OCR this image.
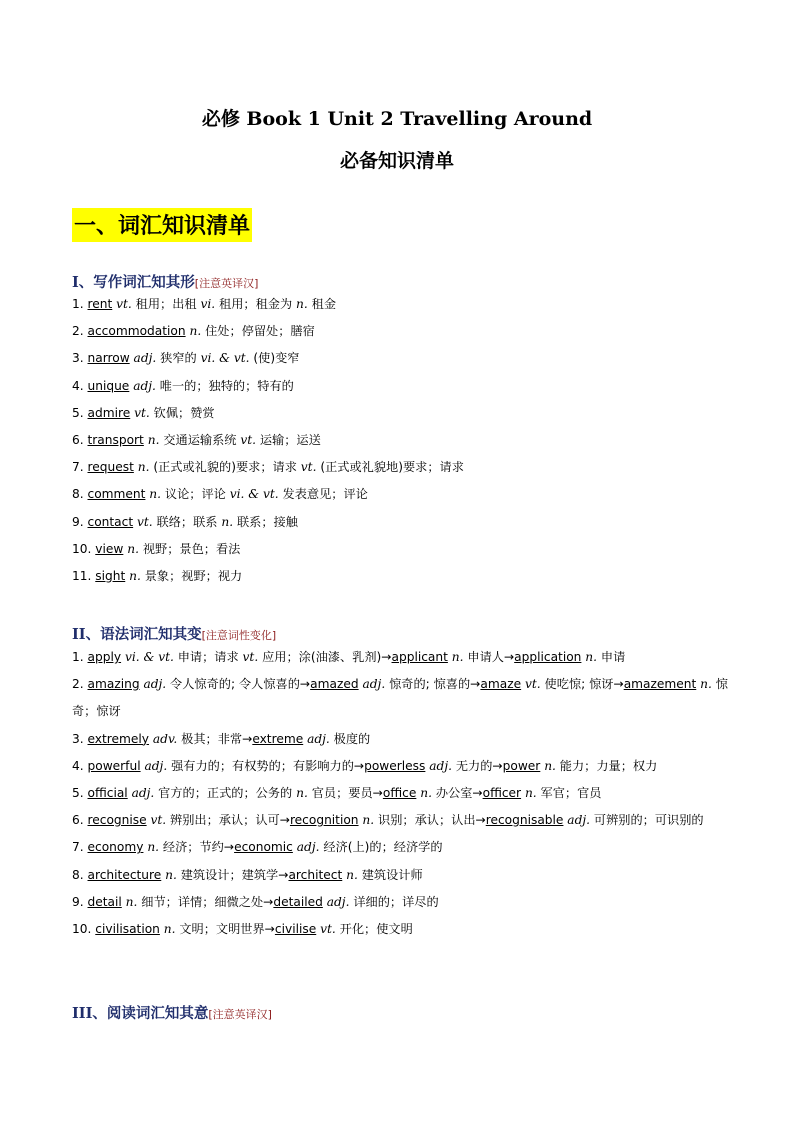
必修 Book 1 Unit 2 Travelling Around
必备知识清单
一、词汇知识清单
I、写作词汇知其形[注意英译汉]
1. rent vt. 租用；出租 vi. 租用；租金为 n. 租金
2. accommodation n. 住处；停留处；膳宿
3. narrow adj. 狭窄的 vi. & vt. (使)变窄
4. unique adj. 唯一的；独特的；特有的
5. admire vt. 钦佩；赞赏
6. transport n. 交通运输系统 vt. 运输；运送
7. request n. (正式或礼貌的)要求；请求 vt. (正式或礼貌地)要求；请求
8. comment n. 议论；评论 vi. & vt. 发表意见；评论
9. contact vt. 联络；联系 n. 联系；接触
10. view n. 视野；景色；看法
11. sight n. 景象；视野；视力
II、语法词汇知其变[注意词性变化]
1. apply vi. & vt. 申请；请求 vt. 应用；涂(油漆、乳剂)→applicant n. 申请人→application n. 申请
2. amazing adj. 令人惊奇的; 令人惊喜的→amazed adj. 惊奇的; 惊喜的→amaze vt. 使吃惊; 惊讶→amazement n. 惊奇；惊讶
3. extremely adv. 极其；非常→extreme adj. 极度的
4. powerful adj. 强有力的；有权势的；有影响力的→powerless adj. 无力的→power n. 能力；力量；权力
5. official adj. 官方的；正式的；公务的 n. 官员；要员→office n. 办公室→officer n. 军官；官员
6. recognise vt. 辨别出；承认；认可→recognition n. 识别；承认；认出→recognisable adj. 可辨别的；可识别的
7. economy n. 经济；节约→economic adj. 经济(上)的；经济学的
8. architecture n. 建筑设计；建筑学→architect n. 建筑设计师
9. detail n. 细节；详情；细微之处→detailed adj. 详细的；详尽的
10. civilisation n. 文明；文明世界→civilise vt. 开化；使文明
III、阅读词汇知其意[注意英译汉]
